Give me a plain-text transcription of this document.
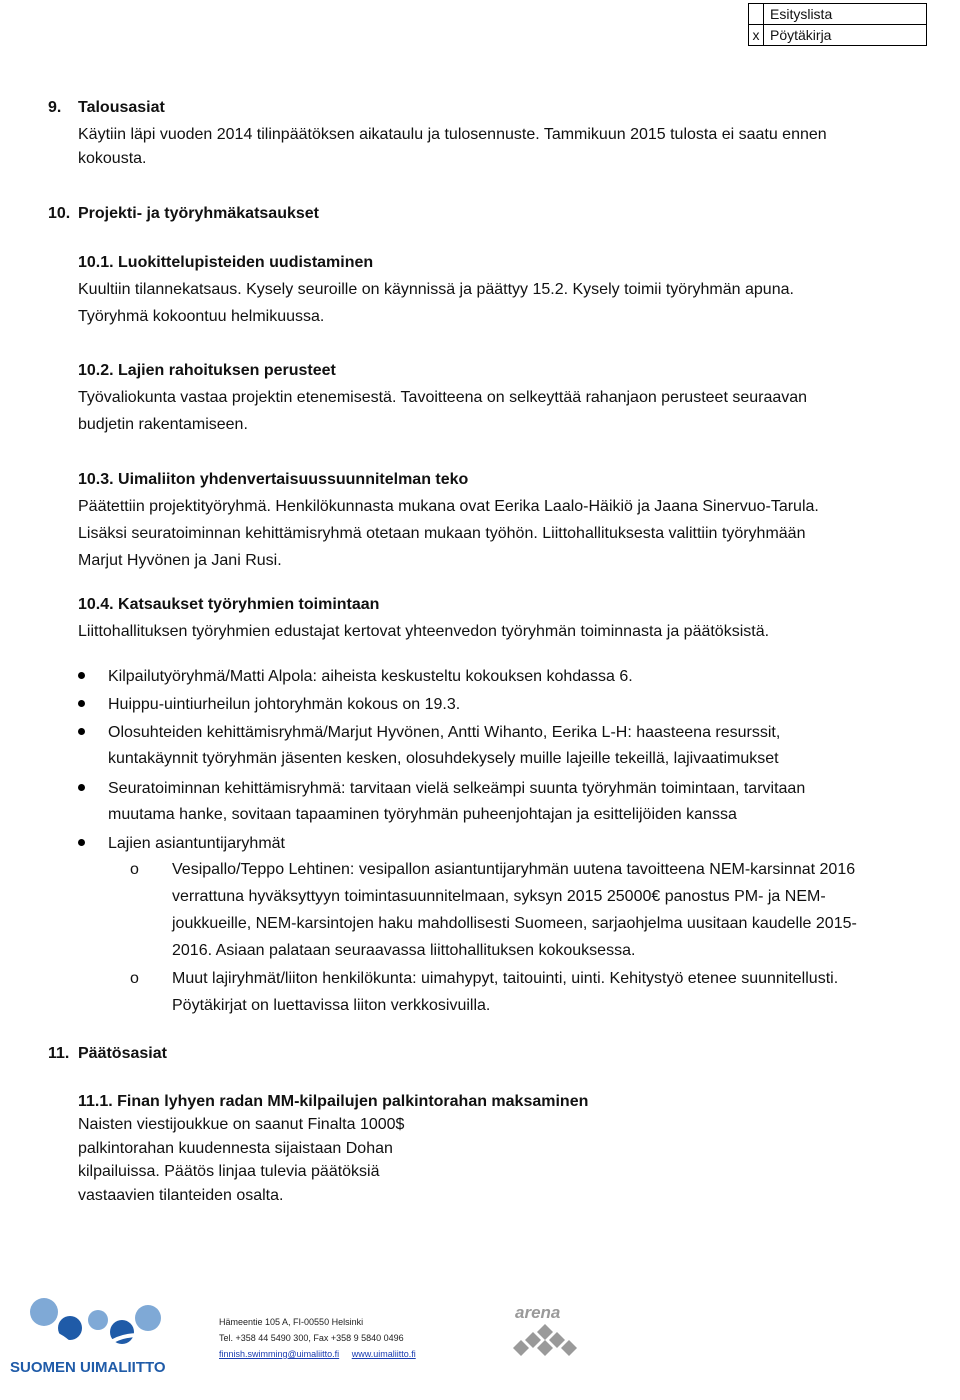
	Esityslista
x	Pöytäkirja
9. Talousasiat
Käytiin läpi vuoden 2014 tilinpäätöksen aikataulu ja tulosennuste. Tammikuun 2015 tulosta ei saatu ennen
kokousta.
10. Projekti- ja työryhmäkatsaukset
10.1. Luokittelupisteiden uudistaminen
Kuultiin tilannekatsaus. Kysely seuroille on käynnissä ja päättyy 15.2. Kysely toimii työryhmän apuna.
Työryhmä kokoontuu helmikuussa.
10.2. Lajien rahoituksen perusteet
Työvaliokunta vastaa projektin etenemisestä. Tavoitteena on selkeyttää rahanjaon perusteet seuraavan
budjetin rakentamiseen.
10.3. Uimaliiton yhdenvertaisuussuunnitelman teko
Päätettiin projektityöryhmä. Henkilökunnasta mukana ovat Eerika Laalo-Häikiö ja Jaana Sinervuo-Tarula.
Lisäksi seuratoiminnan kehittämisryhmä otetaan mukaan työhön. Liittohallituksesta valittiin työryhmään
Marjut Hyvönen ja Jani Rusi.
10.4. Katsaukset työryhmien toimintaan
Liittohallituksen työryhmien edustajat kertovat yhteenvedon työryhmän toiminnasta ja päätöksistä.
Kilpailutyöryhmä/Matti Alpola: aiheista keskusteltu kokouksen kohdassa 6.
Huippu-uintiurheilun johtoryhmän kokous on 19.3.
Olosuhteiden kehittämisryhmä/Marjut Hyvönen, Antti Wihanto, Eerika L-H: haasteena resurssit,
kuntakäynnit työryhmän jäsenten kesken, olosuhdekysely muille lajeille tekeillä, lajivaatimukset
Seuratoiminnan kehittämisryhmä: tarvitaan vielä selkeämpi suunta työryhmän toimintaan, tarvitaan
muutama hanke, sovitaan tapaaminen työryhmän puheenjohtajan ja esittelijöiden kanssa
Lajien asiantuntijaryhmät
o Vesipallo/Teppo Lehtinen: vesipallon asiantuntijaryhmän uutena tavoitteena NEM-karsinnat 2016
verrattuna hyväksyttyyn toimintasuunnitelmaan, syksyn 2015 25000€ panostus PM- ja NEM-
joukkueille, NEM-karsintojen haku mahdollisesti Suomeen, sarjaohjelma uusitaan kaudelle 2015-
2016. Asiaan palataan seuraavassa liittohallituksen kokouksessa.
o Muut lajiryhmät/liiton henkilökunta: uimahypyt, taitouinti, uinti. Kehitystyö etenee suunnitellusti.
Pöytäkirjat on luettavissa liiton verkkosivuilla.
11. Päätösasiat
11.1. Finan lyhyen radan MM-kilpailujen palkintorahan maksaminen
Naisten viestijoukkue on saanut Finalta 1000$
palkintorahan kuudennesta sijaistaan Dohan
kilpailuissa. Päätös linjaa tulevia päätöksiä
vastaavien tilanteiden osalta.
SUOMEN UIMALIITTO
Hämeentie 105 A, FI-00550 Helsinki
Tel. +358 44 5490 300, Fax +358 9 5840 0496
finnish.swimming@uimaliitto.fi www.uimaliitto.fi
arena
